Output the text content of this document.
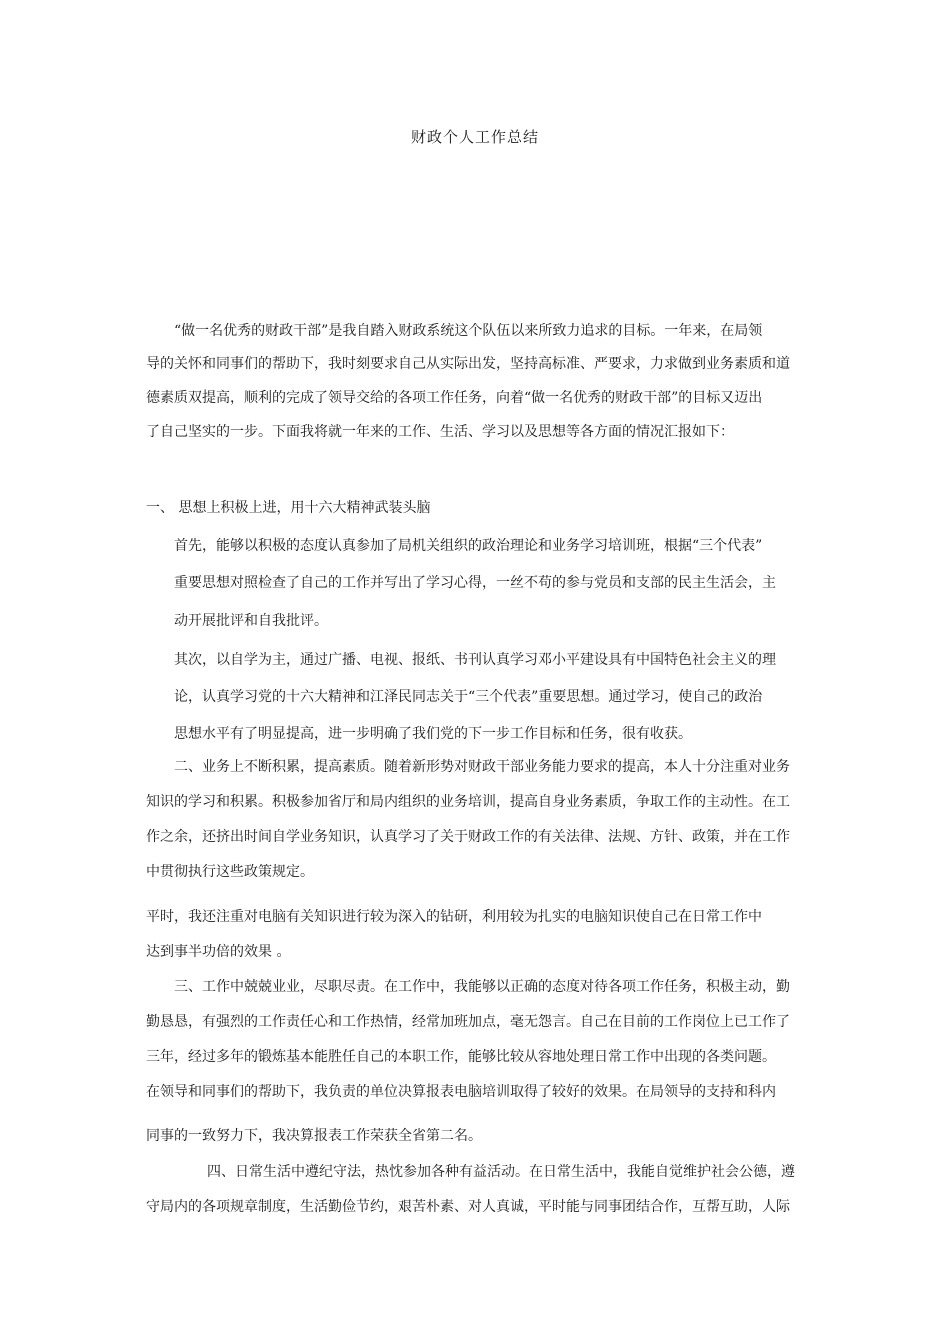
财政个人工作总结
“做一名优秀的财政干部”是我自踏入财政系统这个队伍以来所致力追求的目标。一年来，在局领
导的关怀和同事们的帮助下，我时刻要求自己从实际出发，坚持高标准、严要求，力求做到业务素质和道
德素质双提高，顺利的完成了领导交给的各项工作任务，向着“做一名优秀的财政干部”的目标又迈出
了自己坚实的一步。下面我将就一年来的工作、生活、学习以及思想等各方面的情况汇报如下：
一、 思想上积极上进，用十六大精神武装头脑
首先，能够以积极的态度认真参加了局机关组织的政治理论和业务学习培训班，根据“三个代表”
重要思想对照检查了自己的工作并写出了学习心得，一丝不苟的参与党员和支部的民主生活会，主
动开展批评和自我批评。
其次，以自学为主，通过广播、电视、报纸、书刊认真学习邓小平建设具有中国特色社会主义的理
论，认真学习党的十六大精神和江泽民同志关于“三个代表”重要思想。通过学习，使自己的政治
思想水平有了明显提高，进一步明确了我们党的下一步工作目标和任务，很有收获。
二、业务上不断积累，提高素质。随着新形势对财政干部业务能力要求的提高，本人十分注重对业务
知识的学习和积累。积极参加省厅和局内组织的业务培训，提高自身业务素质，争取工作的主动性。在工
作之余，还挤出时间自学业务知识，认真学习了关于财政工作的有关法律、法规、方针、政策，并在工作
中贯彻执行这些政策规定。
平时，我还注重对电脑有关知识进行较为深入的钻研，利用较为扎实的电脑知识使自己在日常工作中
达到事半功倍的效果 。
三、工作中兢兢业业，尽职尽责。在工作中，我能够以正确的态度对待各项工作任务，积极主动，勤
勤恳恳，有强烈的工作责任心和工作热情，经常加班加点，毫无怨言。自己在目前的工作岗位上已工作了
三年，经过多年的锻炼基本能胜任自己的本职工作，能够比较从容地处理日常工作中出现的各类问题。
在领导和同事们的帮助下，我负责的单位决算报表电脑培训取得了较好的效果。在局领导的支持和科内
同事的一致努力下，我决算报表工作荣获全省第二名。
四、日常生活中遵纪守法，热忱参加各种有益活动。在日常生活中，我能自觉维护社会公德，遵
守局内的各项规章制度，生活勤俭节约，艰苦朴素、对人真诚，平时能与同事团结合作，互帮互助，人际
